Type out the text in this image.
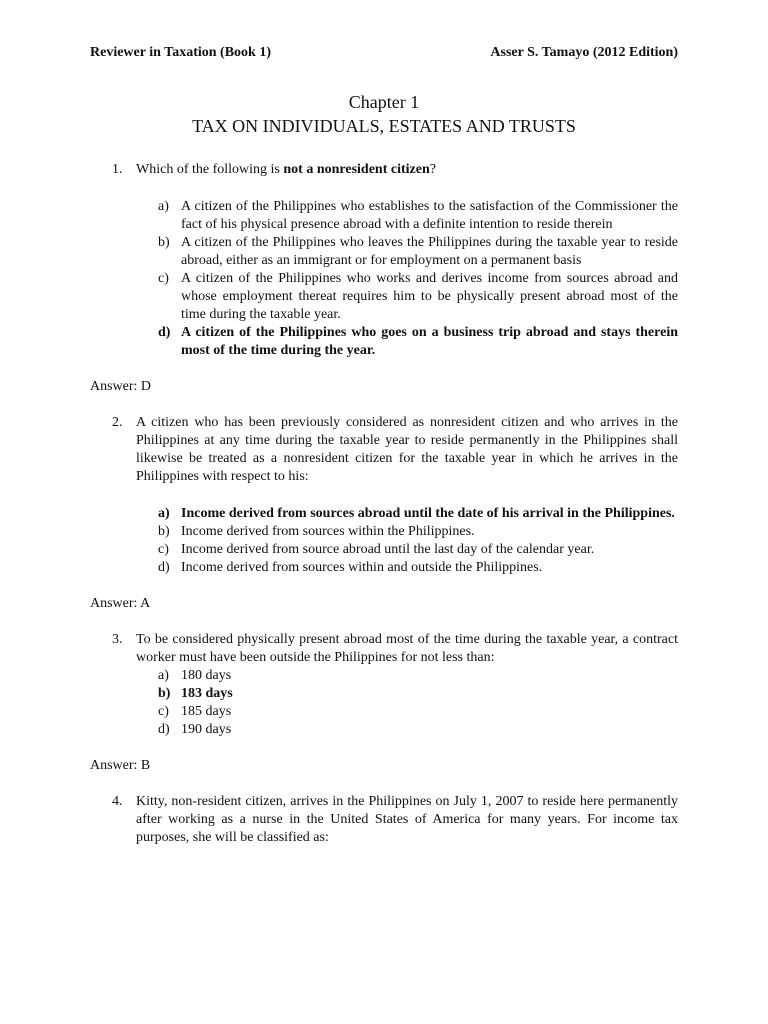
Reviewer in Taxation (Book 1)	Asser S. Tamayo (2012 Edition)
Chapter 1
TAX ON INDIVIDUALS, ESTATES AND TRUSTS
1. Which of the following is not a nonresident citizen?
a) A citizen of the Philippines who establishes to the satisfaction of the Commissioner the fact of his physical presence abroad with a definite intention to reside therein
b) A citizen of the Philippines who leaves the Philippines during the taxable year to reside abroad, either as an immigrant or for employment on a permanent basis
c) A citizen of the Philippines who works and derives income from sources abroad and whose employment thereat requires him to be physically present abroad most of the time during the taxable year.
d) A citizen of the Philippines who goes on a business trip abroad and stays therein most of the time during the year.
Answer: D
2. A citizen who has been previously considered as nonresident citizen and who arrives in the Philippines at any time during the taxable year to reside permanently in the Philippines shall likewise be treated as a nonresident citizen for the taxable year in which he arrives in the Philippines with respect to his:
a) Income derived from sources abroad until the date of his arrival in the Philippines.
b) Income derived from sources within the Philippines.
c) Income derived from source abroad until the last day of the calendar year.
d) Income derived from sources within and outside the Philippines.
Answer: A
3. To be considered physically present abroad most of the time during the taxable year, a contract worker must have been outside the Philippines for not less than:
a) 180 days
b) 183 days
c) 185 days
d) 190 days
Answer: B
4. Kitty, non-resident citizen, arrives in the Philippines on July 1, 2007 to reside here permanently after working as a nurse in the United States of America for many years. For income tax purposes, she will be classified as:
